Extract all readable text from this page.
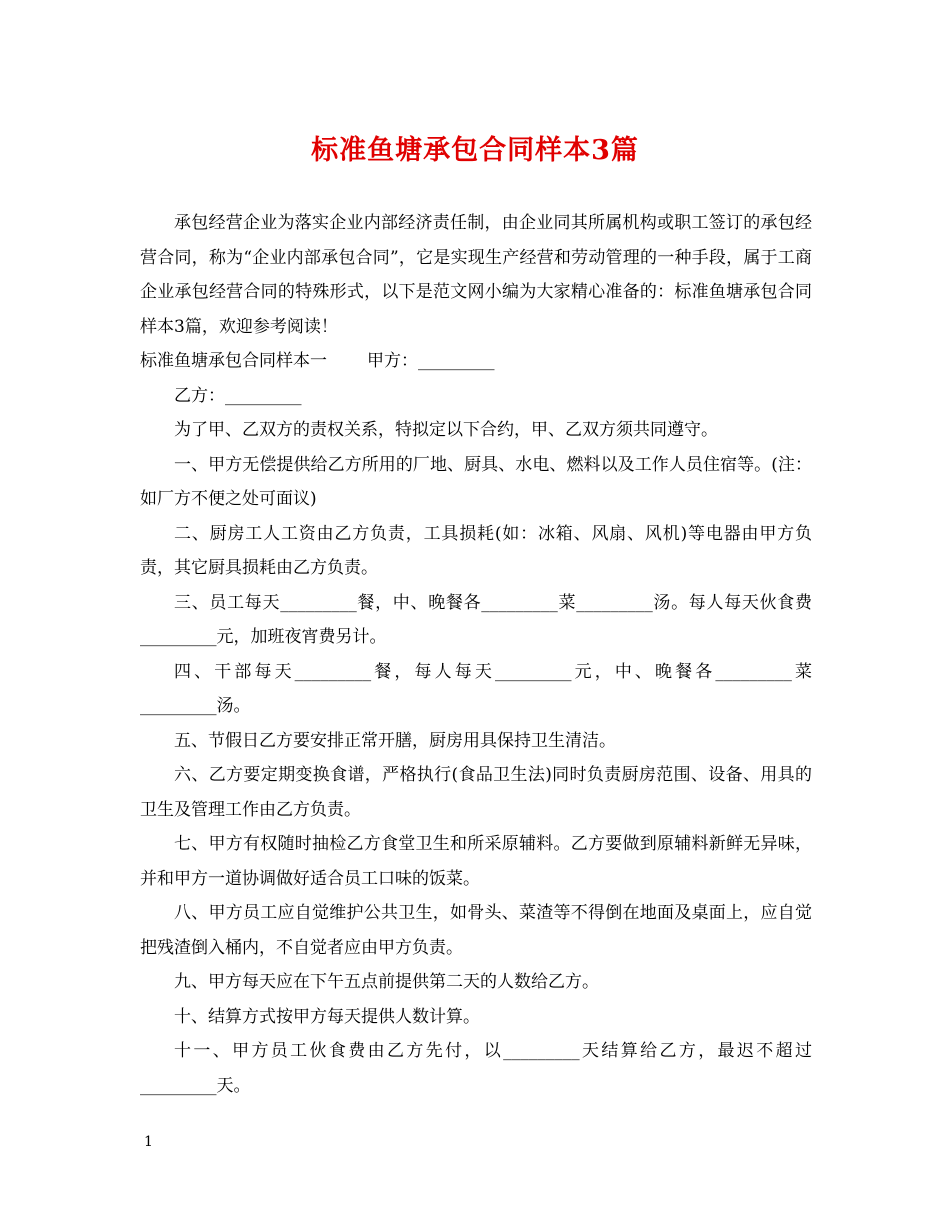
标准鱼塘承包合同样本3篇

承包经营企业为落实企业内部经济责任制，由企业同其所属机构或职工签订的承包经营合同，称为“企业内部承包合同”，它是实现生产经营和劳动管理的一种手段，属于工商企业承包经营合同的特殊形式，以下是范文网小编为大家精心准备的：标准鱼塘承包合同样本3篇，欢迎参考阅读！

标准鱼塘承包合同样本一 甲方：_________

乙方：_________

为了甲、乙双方的责权关系，特拟定以下合约，甲、乙双方须共同遵守。

一、甲方无偿提供给乙方所用的厂地、厨具、水电、燃料以及工作人员住宿等。(注：如厂方不便之处可面议)

二、厨房工人工资由乙方负责，工具损耗(如：冰箱、风扇、风机)等电器由甲方负责，其它厨具损耗由乙方负责。

三、员工每天_________餐，中、晚餐各_________菜_________汤。每人每天伙食费_________元，加班夜宵费另计。

四、干部每天_________餐，每人每天_________元，中、晚餐各_________菜_________汤。

五、节假日乙方要安排正常开膳，厨房用具保持卫生清洁。

六、乙方要定期变换食谱，严格执行(食品卫生法)同时负责厨房范围、设备、用具的卫生及管理工作由乙方负责。

七、甲方有权随时抽检乙方食堂卫生和所采原辅料。乙方要做到原辅料新鲜无异味，并和甲方一道协调做好适合员工口味的饭菜。

八、甲方员工应自觉维护公共卫生，如骨头、菜渣等不得倒在地面及桌面上，应自觉把残渣倒入桶内，不自觉者应由甲方负责。

九、甲方每天应在下午五点前提供第二天的人数给乙方。

十、结算方式按甲方每天提供人数计算。

十一、甲方员工伙食费由乙方先付，以_________天结算给乙方，最迟不超过_________天。

1
